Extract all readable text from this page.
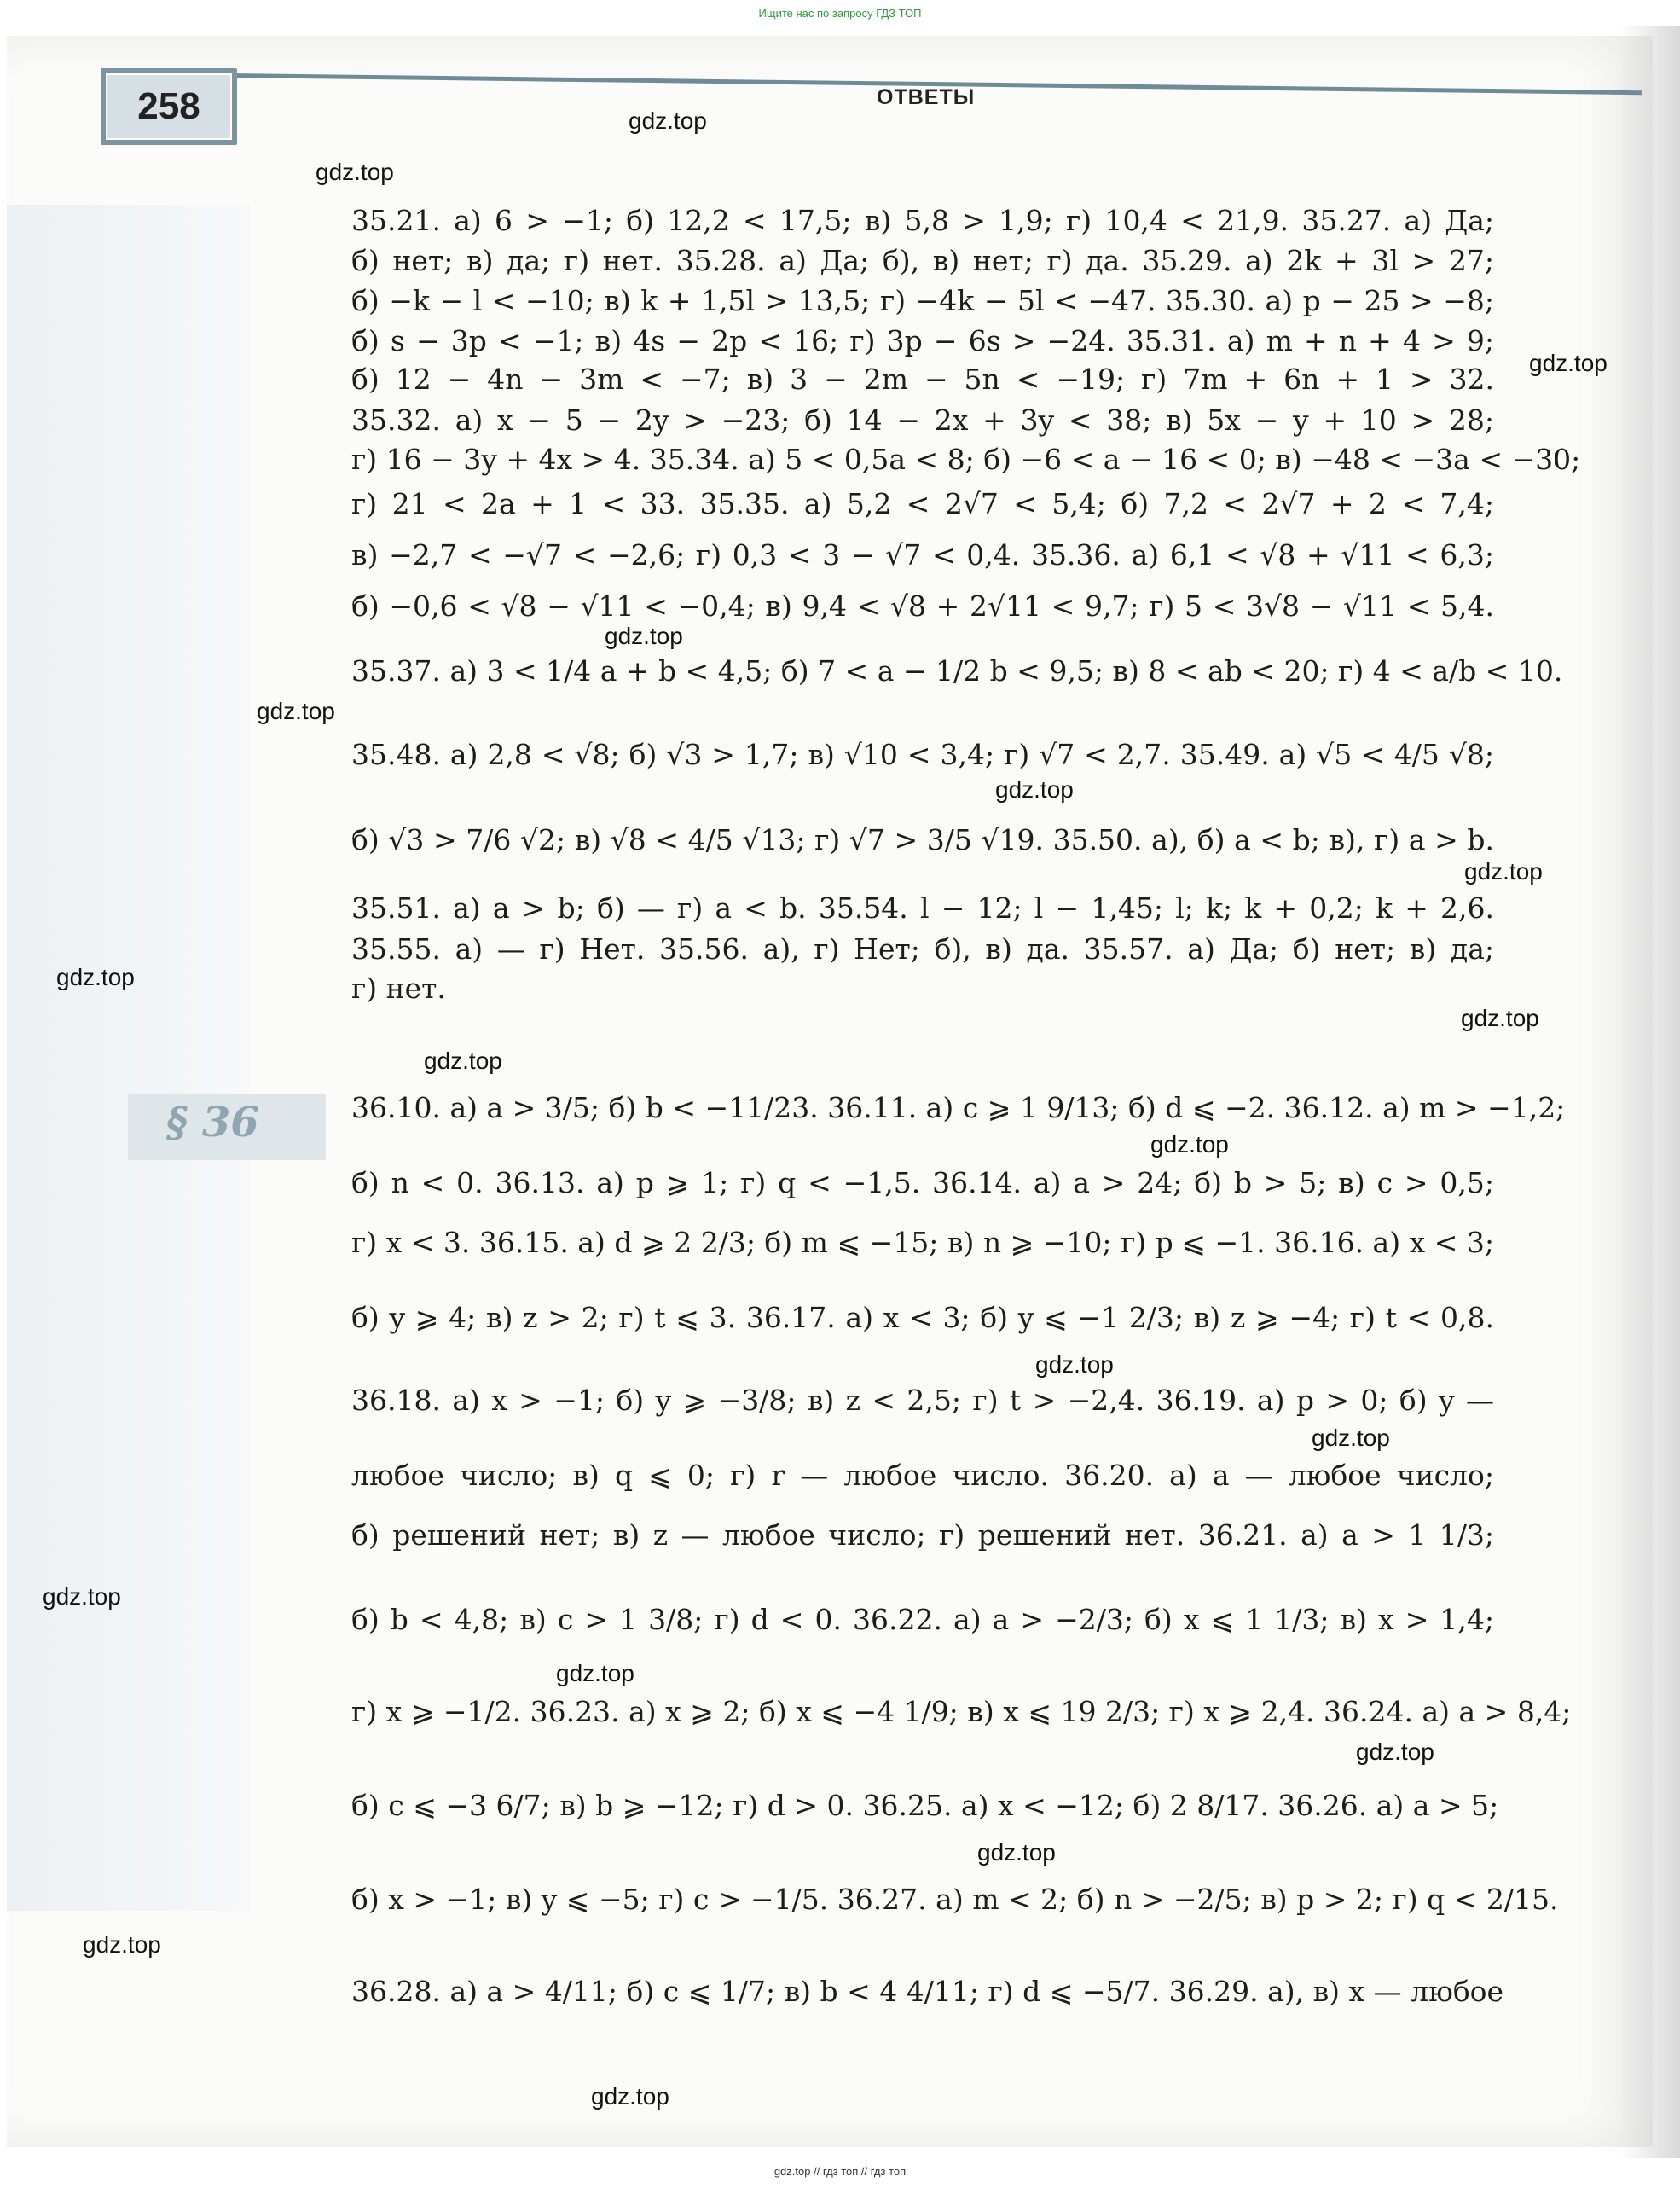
Ищите нас по запросу ГДЗ ТОП
258	ОТВЕТЫ
§ 36
35.21. а) 6 > −1; б) 12,2 < 17,5; в) 5,8 > 1,9; г) 10,4 < 21,9. 35.27. а) Да;
б) нет; в) да; г) нет. 35.28. а) Да; б), в) нет; г) да. 35.29. а) 2k + 3l > 27;
б) −k − l < −10; в) k + 1,5l > 13,5; г) −4k − 5l < −47. 35.30. а) p − 25 > −8;
б) s − 3p < −1; в) 4s − 2p < 16; г) 3p − 6s > −24. 35.31. а) m + n + 4 > 9;
б) 12 − 4n − 3m < −7; в) 3 − 2m − 5n < −19; г) 7m + 6n + 1 > 32.
35.32. а) x − 5 − 2y > −23; б) 14 − 2x + 3y < 38; в) 5x − y + 10 > 28;
г) 16 − 3y + 4x > 4. 35.34. а) 5 < 0,5a < 8; б) −6 < a − 16 < 0; в) −48 < −3a < −30;
г) 21 < 2a + 1 < 33. 35.35. а) 5,2 < 2√7 < 5,4; б) 7,2 < 2√7 + 2 < 7,4;
в) −2,7 < −√7 < −2,6; г) 0,3 < 3 − √7 < 0,4. 35.36. а) 6,1 < √8 + √11 < 6,3;
б) −0,6 < √8 − √11 < −0,4; в) 9,4 < √8 + 2√11 < 9,7; г) 5 < 3√8 − √11 < 5,4.
35.37. а) 3 < 1/4 a + b < 4,5; б) 7 < a − 1/2 b < 9,5; в) 8 < ab < 20; г) 4 < a/b < 10.
35.48. а) 2,8 < √8; б) √3 > 1,7; в) √10 < 3,4; г) √7 < 2,7. 35.49. а) √5 < 4/5 √8;
б) √3 > 7/6 √2; в) √8 < 4/5 √13; г) √7 > 3/5 √19. 35.50. а), б) a < b; в), г) a > b.
35.51. а) a > b; б) — г) a < b. 35.54. l − 12; l − 1,45; l; k; k + 0,2; k + 2,6.
35.55. а) — г) Нет. 35.56. а), г) Нет; б), в) да. 35.57. а) Да; б) нет; в) да;
г) нет.
36.10. а) a > 3/5; б) b < −11/23. 36.11. а) c ⩾ 1 9/13; б) d ⩽ −2. 36.12. а) m > −1,2;
б) n < 0. 36.13. а) p ⩾ 1; г) q < −1,5. 36.14. а) a > 24; б) b > 5; в) c > 0,5;
г) x < 3. 36.15. а) d ⩾ 2 2/3; б) m ⩽ −15; в) n ⩾ −10; г) p ⩽ −1. 36.16. а) x < 3;
б) y ⩾ 4; в) z > 2; г) t ⩽ 3. 36.17. а) x < 3; б) y ⩽ −1 2/3; в) z ⩾ −4; г) t < 0,8.
36.18. а) x > −1; б) y ⩾ −3/8; в) z < 2,5; г) t > −2,4. 36.19. а) p > 0; б) y —
любое число; в) q ⩽ 0; г) r — любое число. 36.20. а) a — любое число;
б) решений нет; в) z — любое число; г) решений нет. 36.21. а) a > 1 1/3;
б) b < 4,8; в) c > 1 3/8; г) d < 0. 36.22. а) a > −2/3; б) x ⩽ 1 1/3; в) x > 1,4;
г) x ⩾ −1/2. 36.23. а) x ⩾ 2; б) x ⩽ −4 1/9; в) x ⩽ 19 2/3; г) x ⩾ 2,4. 36.24. а) a > 8,4;
б) c ⩽ −3 6/7; в) b ⩾ −12; г) d > 0. 36.25. а) x < −12; б) 2 8/17. 36.26. а) a > 5;
б) x > −1; в) y ⩽ −5; г) c > −1/5. 36.27. а) m < 2; б) n > −2/5; в) p > 2; г) q < 2/15.
36.28. а) a > 4/11; б) c ⩽ 1/7; в) b < 4 4/11; г) d ⩽ −5/7. 36.29. а), в) x — любое
gdz.top
gdz.top
gdz.top
gdz.top
gdz.top
gdz.top
gdz.top
gdz.top
gdz.top
gdz.top
gdz.top
gdz.top
gdz.top
gdz.top
gdz.top
gdz.top
gdz.top
gdz.top
gdz.top
gdz.top // гдз топ // гдз топ
